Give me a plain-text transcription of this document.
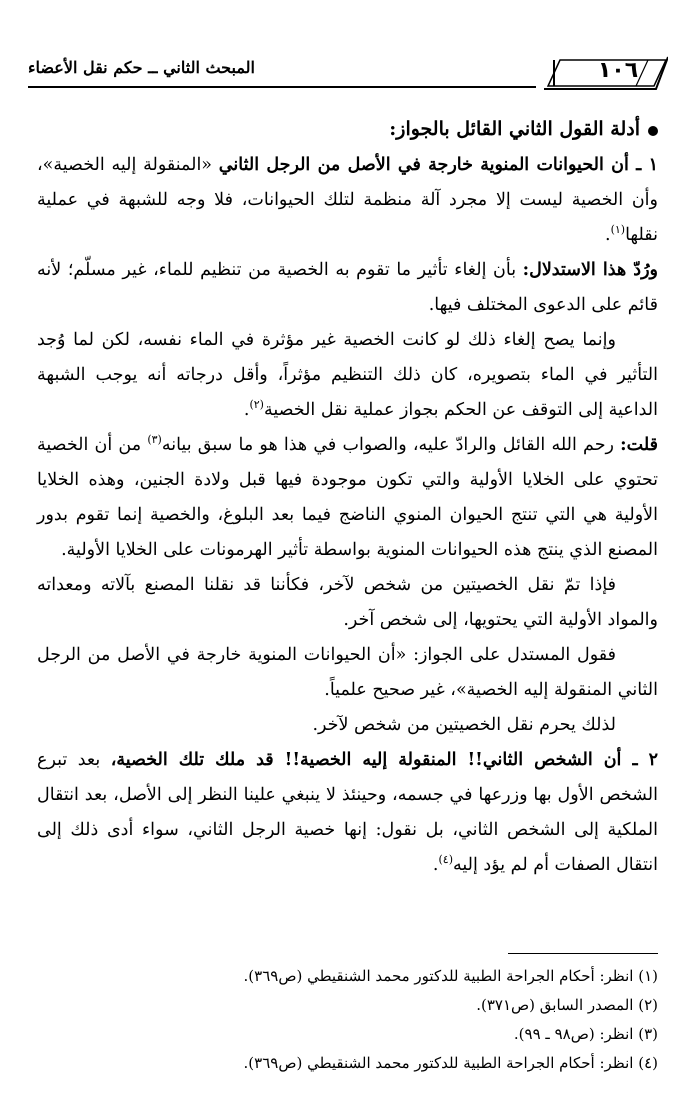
المبحث الثاني ــ حكم نقل الأعضاء	١٠٦

أدلة القول الثاني القائل بالجواز:

١ ـ أن الحيوانات المنوية خارجة في الأصل من الرجل الثاني «المنقولة إليه الخصية»، وأن الخصية ليست إلا مجرد آلة منظمة لتلك الحيوانات، فلا وجه للشبهة في عملية نقلها$^{(١)}$.

ورُدّ هذا الاستدلال: بأن إلغاء تأثير ما تقوم به الخصية من تنظيم للماء، غير مسلّم؛ لأنه قائم على الدعوى المختلف فيها.

وإنما يصح إلغاء ذلك لو كانت الخصية غير مؤثرة في الماء نفسه، لكن لما وُجد التأثير في الماء بتصويره، كان ذلك التنظيم مؤثراً، وأقل درجاته أنه يوجب الشبهة الداعية إلى التوقف عن الحكم بجواز عملية نقل الخصية$^{(٢)}$.

قلت: رحم الله القائل والرادّ عليه، والصواب في هذا هو ما سبق بيانه$^{(٣)}$ من أن الخصية تحتوي على الخلايا الأولية والتي تكون موجودة فيها قبل ولادة الجنين، وهذه الخلايا الأولية هي التي تنتج الحيوان المنوي الناضج فيما بعد البلوغ، والخصية إنما تقوم بدور المصنع الذي ينتج هذه الحيوانات المنوية بواسطة تأثير الهرمونات على الخلايا الأولية.

فإذا تمّ نقل الخصيتين من شخص لآخر، فكأننا قد نقلنا المصنع بآلاته ومعداته والمواد الأولية التي يحتويها، إلى شخص آخر.

فقول المستدل على الجواز: «أن الحيوانات المنوية خارجة في الأصل من الرجل الثاني المنقولة إليه الخصية»، غير صحيح علمياً.

لذلك يحرم نقل الخصيتين من شخص لآخر.

٢ ـ أن الشخص الثاني!! المنقولة إليه الخصية!! قد ملك تلك الخصية، بعد تبرع الشخص الأول بها وزرعها في جسمه، وحينئذ لا ينبغي علينا النظر إلى الأصل، بعد انتقال الملكية إلى الشخص الثاني، بل نقول: إنها خصية الرجل الثاني، سواء أدى ذلك إلى انتقال الصفات أم لم يؤد إليه$^{(٤)}$.

(١) انظر: أحكام الجراحة الطبية للدكتور محمد الشنقيطي (ص٣٦٩).
(٢) المصدر السابق (ص٣٧١).
(٣) انظر: (ص٩٨ ـ ٩٩).
(٤) انظر: أحكام الجراحة الطبية للدكتور محمد الشنقيطي (ص٣٦٩).
